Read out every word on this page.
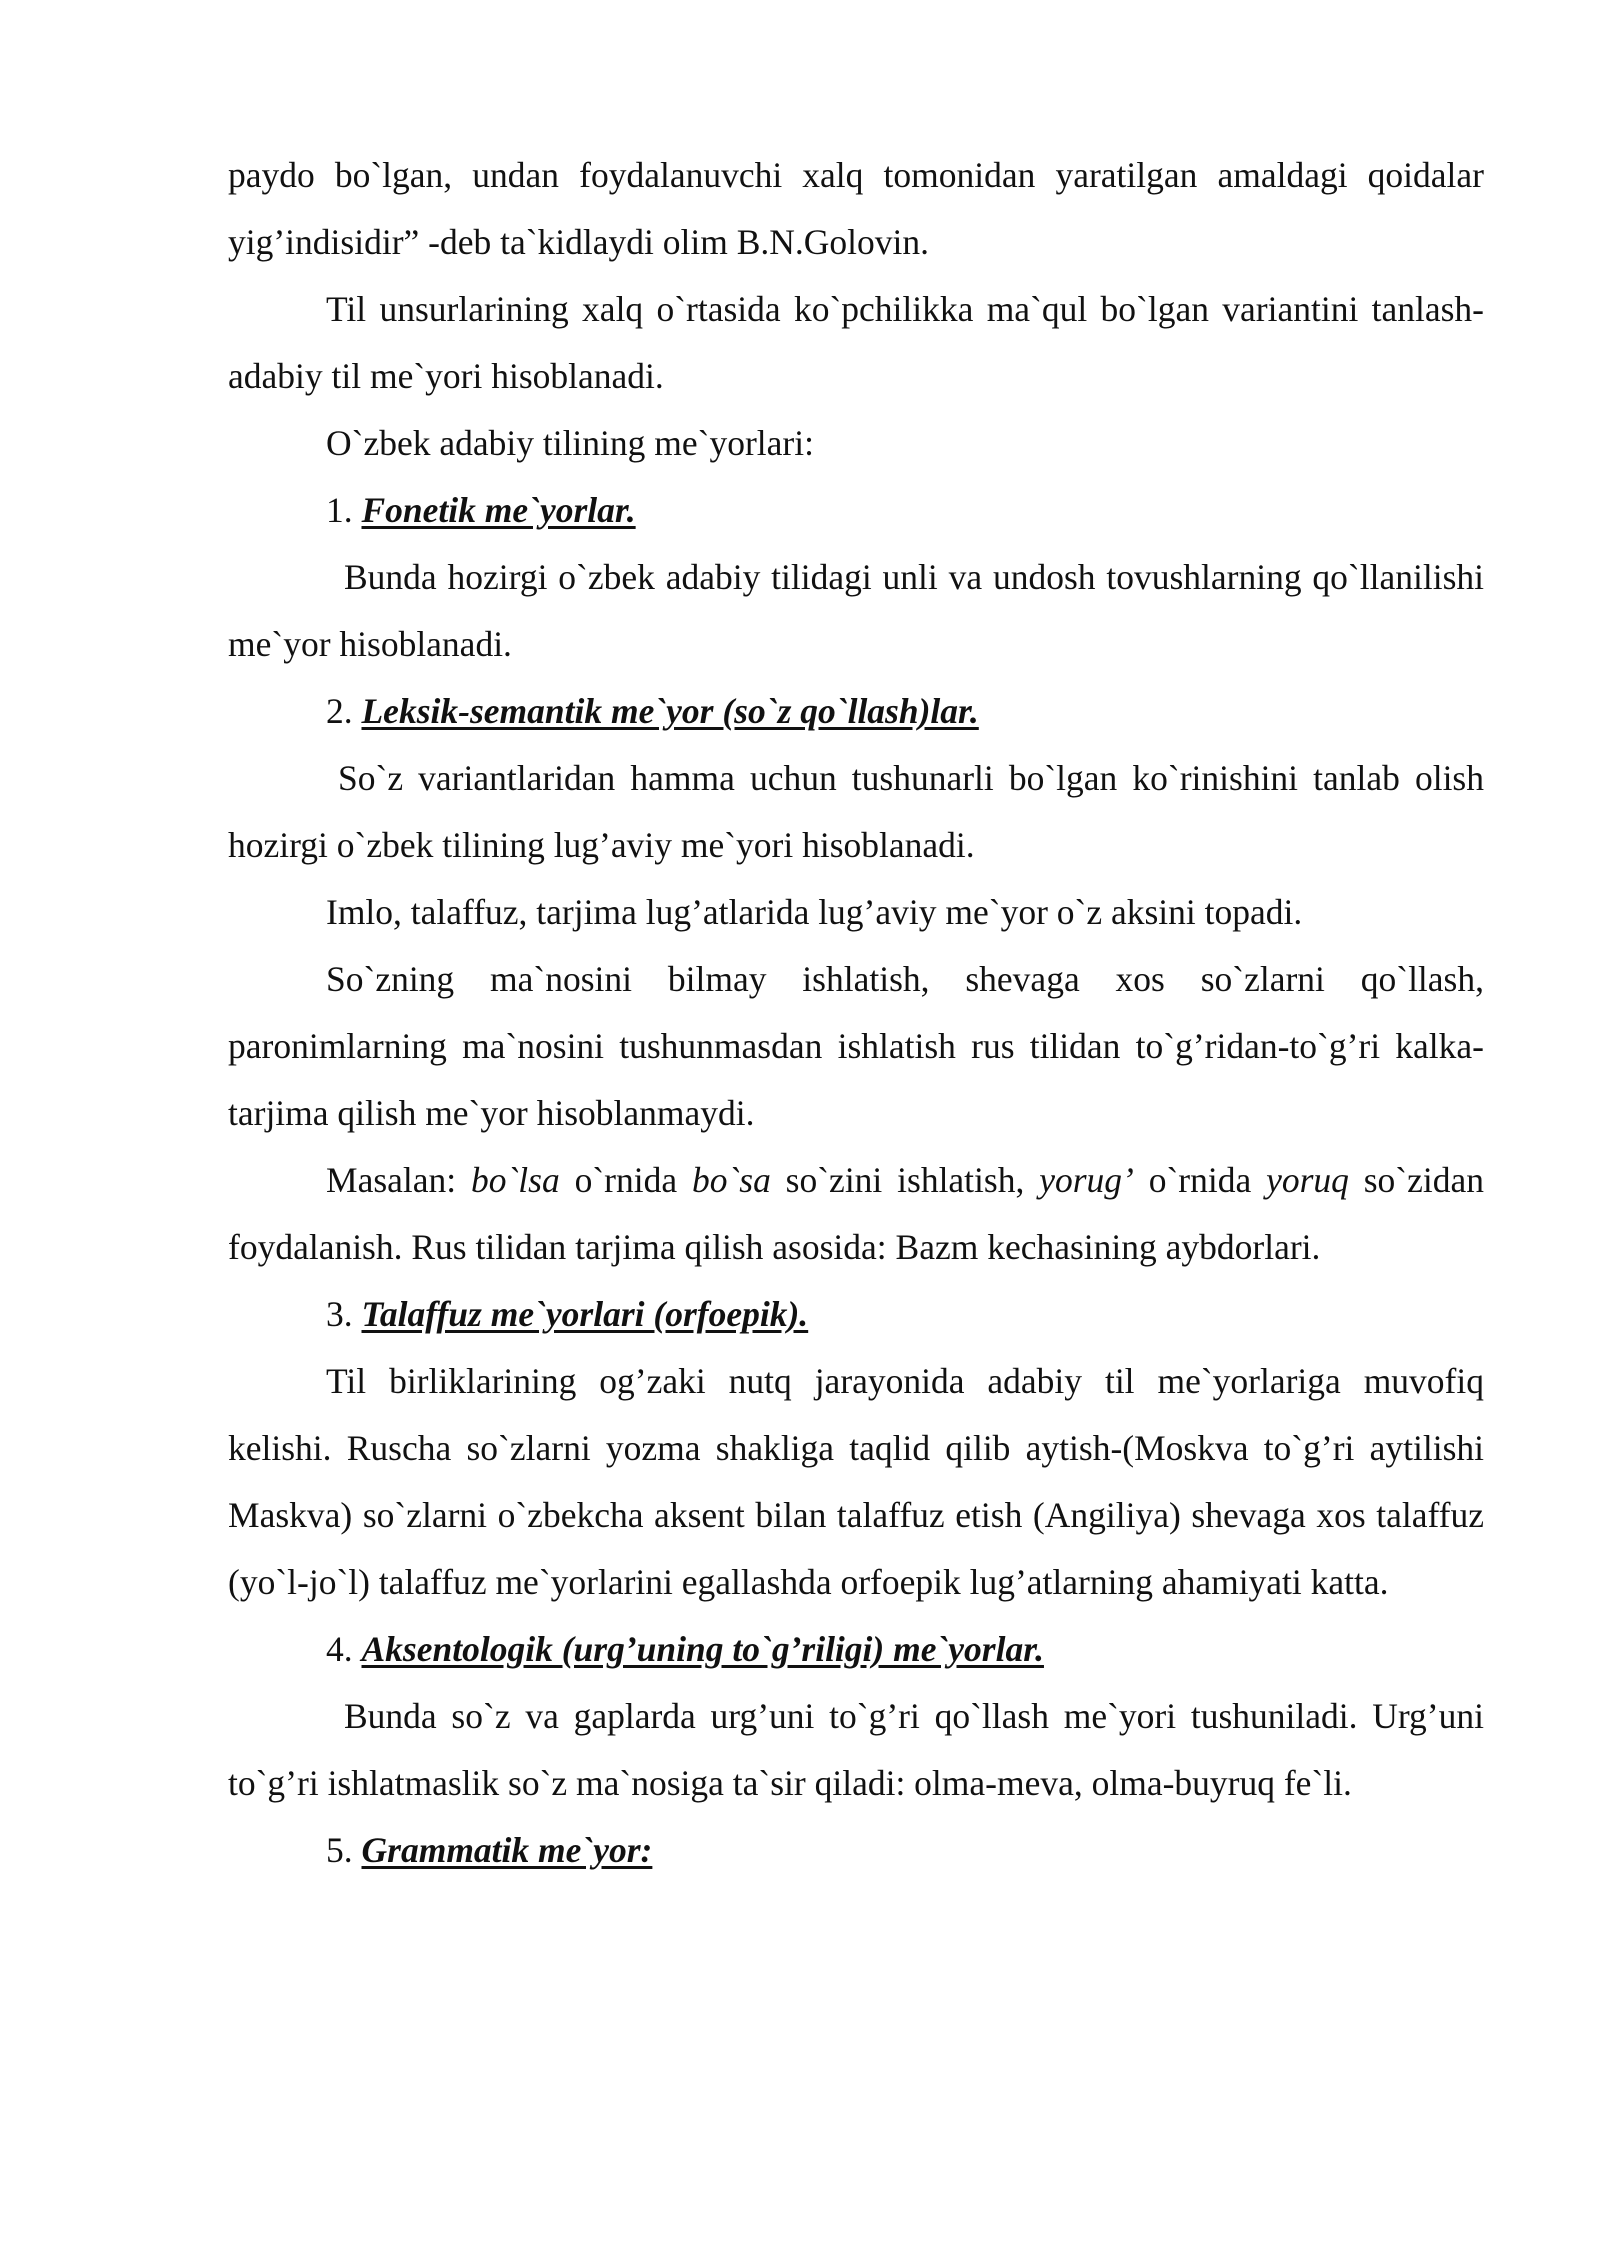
paydo bo`lgan, undan foydalanuvchi xalq tomonidan yaratilgan amaldagi qoidalar yig’indisidir” -deb ta`kidlaydi olim B.N.Golovin.

Til unsurlarining xalq o`rtasida ko`pchilikka ma`qul bo`lgan variantini tanlash-adabiy til me`yori hisoblanadi.

O`zbek adabiy tilining me`yorlari:

1. Fonetik me`yorlar.

Bunda hozirgi o`zbek adabiy tilidagi unli va undosh tovushlarning qo`llanilishi me`yor hisoblanadi.

2. Leksik-semantik me`yor (so`z qo`llash)lar.

So`z variantlaridan hamma uchun tushunarli bo`lgan ko`rinishini tanlab olish hozirgi o`zbek tilining lug’aviy me`yori hisoblanadi.

Imlo, talaffuz, tarjima lug’atlarida lug’aviy me`yor o`z aksini topadi.

So`zning ma`nosini bilmay ishlatish, shevaga xos so`zlarni qo`llash, paronimlarning ma`nosini tushunmasdan ishlatish rus tilidan to`g’ridan-to`g’ri kalka-tarjima qilish me`yor hisoblanmaydi.

Masalan: bo`lsa o`rnida bo`sa so`zini ishlatish, yorug’ o`rnida yoruq so`zidan foydalanish. Rus tilidan tarjima qilish asosida: Bazm kechasining aybdorlari.

3. Talaffuz me`yorlari (orfoepik).

Til birliklarining og’zaki nutq jarayonida adabiy til me`yorlariga muvofiq kelishi. Ruscha so`zlarni yozma shakliga taqlid qilib aytish-(Moskva to`g’ri aytilishi Maskva) so`zlarni o`zbekcha aksent bilan talaffuz etish (Angiliya) shevaga xos talaffuz (yo`l-jo`l) talaffuz me`yorlarini egallashda orfoepik lug’atlarning ahamiyati katta.

4. Aksentologik (urg’uning to`g’riligi) me`yorlar.

Bunda so`z va gaplarda urg’uni to`g’ri qo`llash me`yori tushuniladi. Urg’uni to`g’ri ishlatmaslik so`z ma`nosiga ta`sir qiladi: olma-meva, olma-buyruq fe`li.

5. Grammatik me`yor:
